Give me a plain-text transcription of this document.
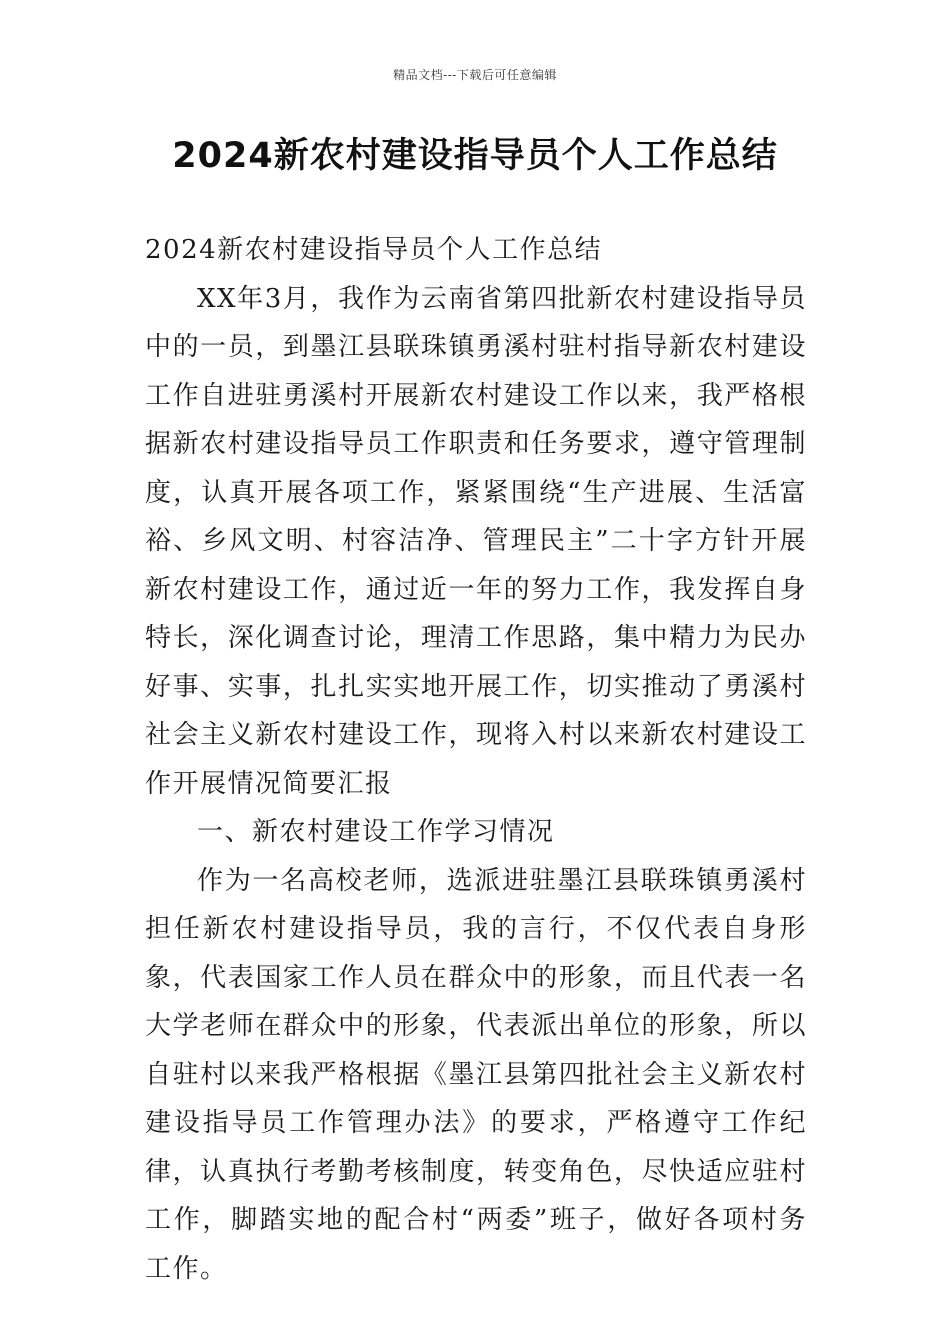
精品文档---下载后可任意编辑
2024新农村建设指导员个人工作总结

2024新农村建设指导员个人工作总结

XX年3月，我作为云南省第四批新农村建设指导员中的一员，到墨江县联珠镇勇溪村驻村指导新农村建设工作自进驻勇溪村开展新农村建设工作以来，我严格根据新农村建设指导员工作职责和任务要求，遵守管理制度，认真开展各项工作，紧紧围绕“生产进展、生活富裕、乡风文明、村容洁净、管理民主”二十字方针开展新农村建设工作，通过近一年的努力工作，我发挥自身特长，深化调查讨论，理清工作思路，集中精力为民办好事、实事，扎扎实实地开展工作，切实推动了勇溪村社会主义新农村建设工作，现将入村以来新农村建设工作开展情况简要汇报

一、新农村建设工作学习情况

作为一名高校老师，选派进驻墨江县联珠镇勇溪村担任新农村建设指导员，我的言行，不仅代表自身形象，代表国家工作人员在群众中的形象，而且代表一名大学老师在群众中的形象，代表派出单位的形象，所以自驻村以来我严格根据《墨江县第四批社会主义新农村建设指导员工作管理办法》的要求，严格遵守工作纪律，认真执行考勤考核制度，转变角色，尽快适应驻村工作，脚踏实地的配合村“两委”班子，做好各项村务工作。
